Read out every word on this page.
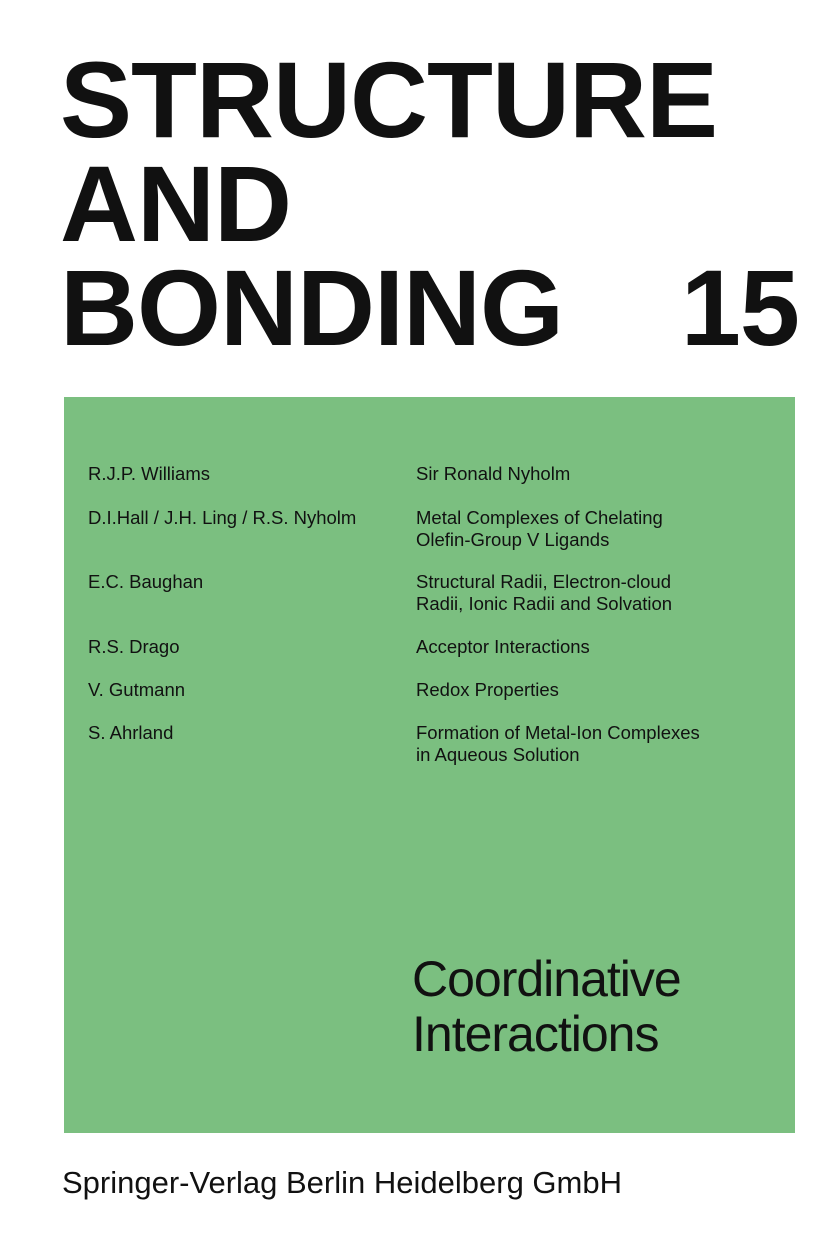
STRUCTURE
AND
BONDING	15
R.J.P. Williams	Sir Ronald Nyholm
D.I.Hall / J.H. Ling / R.S. Nyholm	Metal Complexes of Chelating
Olefin-Group V Ligands
E.C. Baughan	Structural Radii, Electron-cloud
Radii, Ionic Radii and Solvation
R.S. Drago	Acceptor Interactions
V. Gutmann	Redox Properties
S. Ahrland	Formation of Metal-Ion Complexes
in Aqueous Solution
Coordinative
Interactions
Springer-Verlag Berlin Heidelberg GmbH
